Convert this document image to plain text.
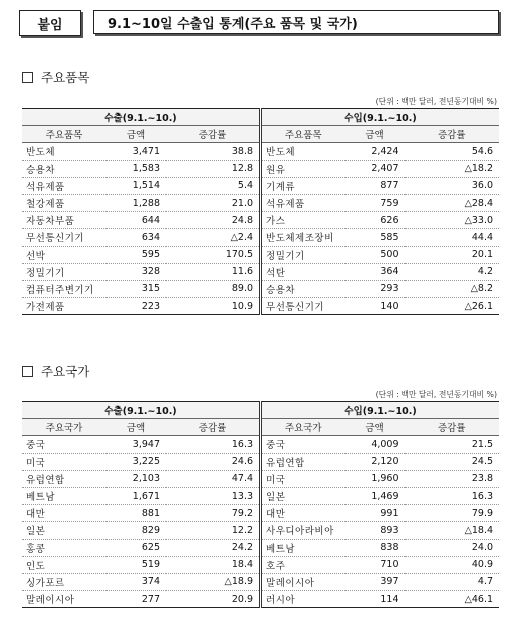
붙임	9.1~10일 수출입 통계(주요 품목 및 국가)
주요품목
(단위 : 백만 달러, 전년동기대비 %)
수출(9.1.~10.)			수입(9.1.~10.)		
주요품목	금액	증감률	주요품목	금액	증감률
반도체	3,471	38.8	반도체	2,424	54.6
승용차	1,583	12.8	원유	2,407	△18.2
석유제품	1,514	5.4	기계류	877	36.0
철강제품	1,288	21.0	석유제품	759	△28.4
자동차부품	644	24.8	가스	626	△33.0
무선통신기기	634	△2.4	반도체제조장비	585	44.4
선박	595	170.5	정밀기기	500	20.1
정밀기기	328	11.6	석탄	364	4.2
컴퓨터주변기기	315	89.0	승용차	293	△8.2
가전제품	223	10.9	무선통신기기	140	△26.1
주요국가
(단위 : 백만 달러, 전년동기대비 %)
수출(9.1.~10.)			수입(9.1.~10.)		
주요국가	금액	증감률	주요국가	금액	증감률
중국	3,947	16.3	중국	4,009	21.5
미국	3,225	24.6	유럽연합	2,120	24.5
유럽연합	2,103	47.4	미국	1,960	23.8
베트남	1,671	13.3	일본	1,469	16.3
대만	881	79.2	대만	991	79.9
일본	829	12.2	사우디아라비아	893	△18.4
홍콩	625	24.2	베트남	838	24.0
인도	519	18.4	호주	710	40.9
싱가포르	374	△18.9	말레이시아	397	4.7
말레이시아	277	20.9	러시아	114	△46.1
